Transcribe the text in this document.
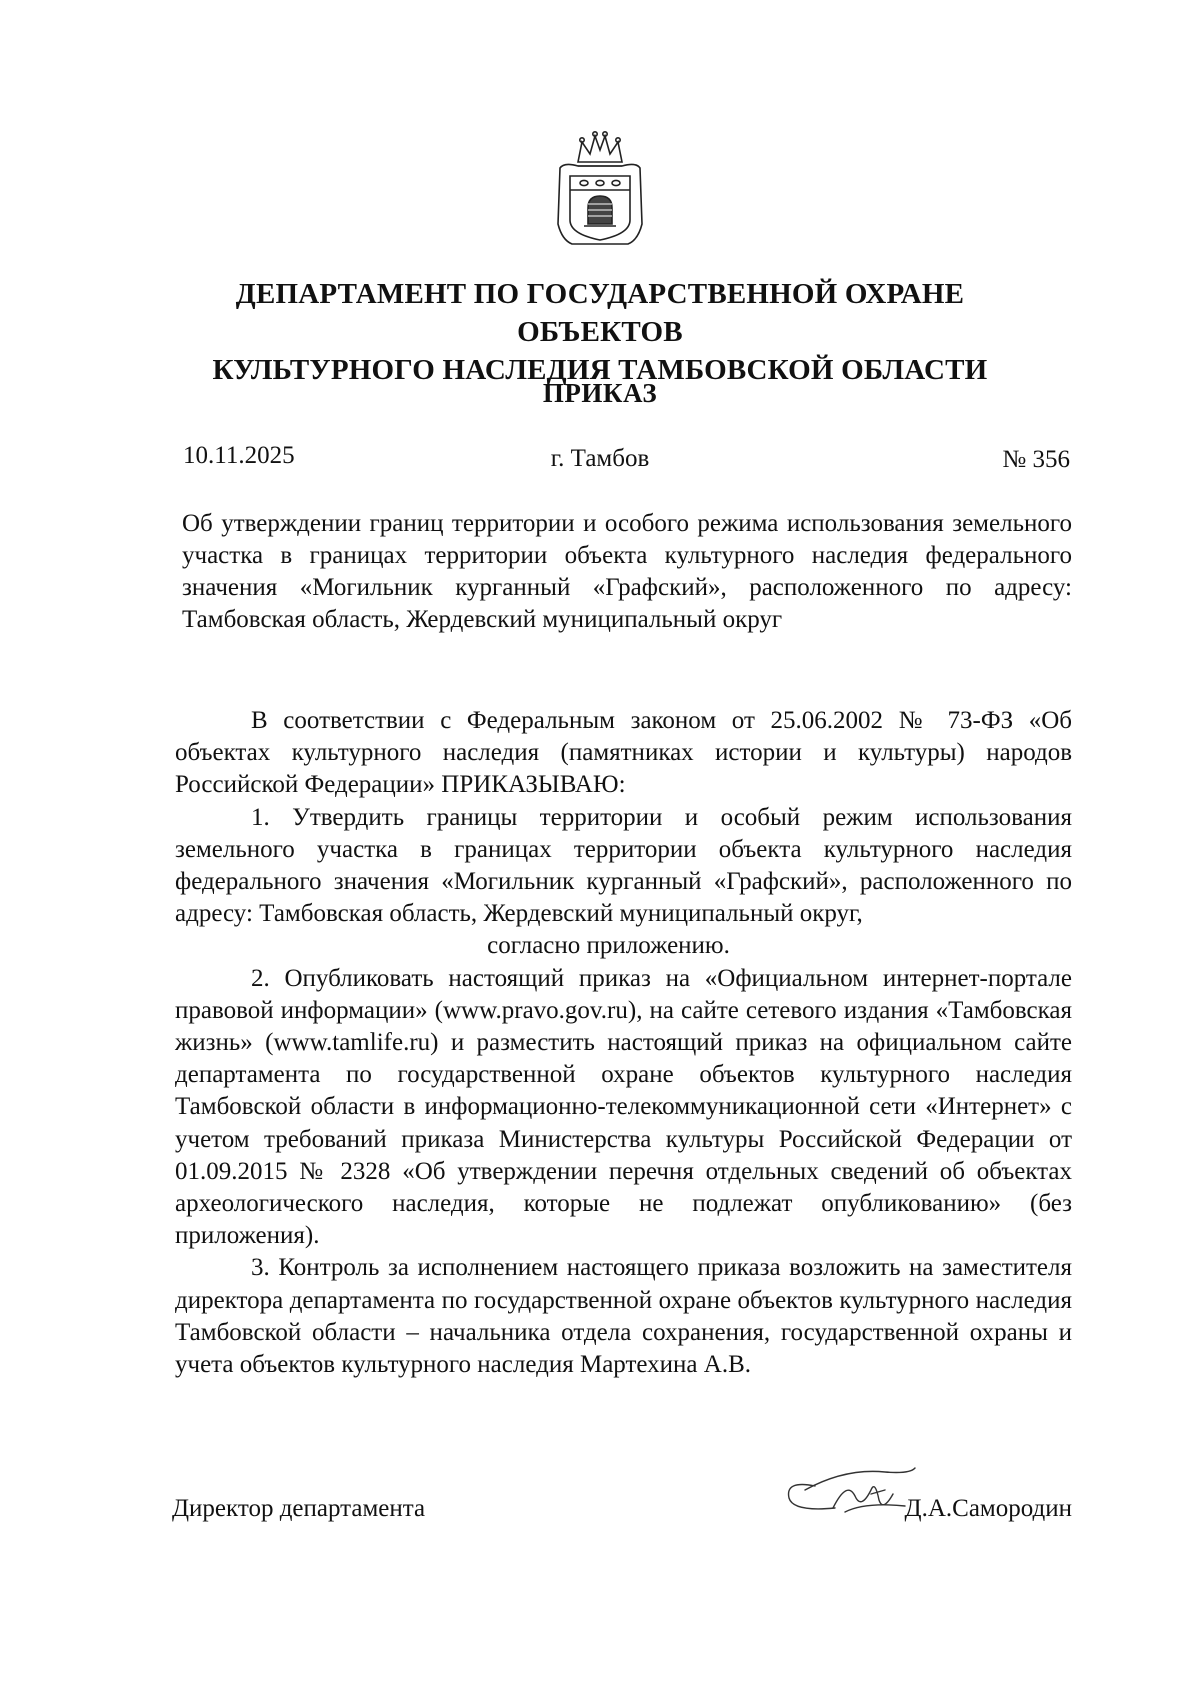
ДЕПАРТАМЕНТ ПО ГОСУДАРСТВЕННОЙ ОХРАНЕ ОБЪЕКТОВ
КУЛЬТУРНОГО НАСЛЕДИЯ ТАМБОВСКОЙ ОБЛАСТИ
ПРИКАЗ
10.11.2025	г. Тамбов	№ 356
Об утверждении границ территории и особого режима использования земельного участка в границах территории объекта культурного наследия федерального значения «Могильник курганный «Графский», расположенного по адресу: Тамбовская область, Жердевский муниципальный округ

В соответствии с Федеральным законом от 25.06.2002 № 73-ФЗ «Об объектах культурного наследия (памятниках истории и культуры) народов Российской Федерации» ПРИКАЗЫВАЮ:

1. Утвердить границы территории и особый режим использования земельного участка в границах территории объекта культурного наследия федерального значения «Могильник курганный «Графский», расположенного по адресу: Тамбовская область, Жердевский муниципальный округ,

согласно приложению.

2. Опубликовать настоящий приказ на «Официальном интернет-портале правовой информации» (www.pravo.gov.ru), на сайте сетевого издания «Тамбовская жизнь» (www.tamlife.ru) и разместить настоящий приказ на официальном сайте департамента по государственной охране объектов культурного наследия Тамбовской области в информационно-телекоммуникационной сети «Интернет» с учетом требований приказа Министерства культуры Российской Федерации от 01.09.2015 № 2328 «Об утверждении перечня отдельных сведений об объектах археологического наследия, которые не подлежат опубликованию» (без приложения).

3. Контроль за исполнением настоящего приказа возложить на заместителя директора департамента по государственной охране объектов культурного наследия Тамбовской области – начальника отдела сохранения, государственной охраны и учета объектов культурного наследия Мартехина А.В.

Директор департамента	Д.А.Самородин
